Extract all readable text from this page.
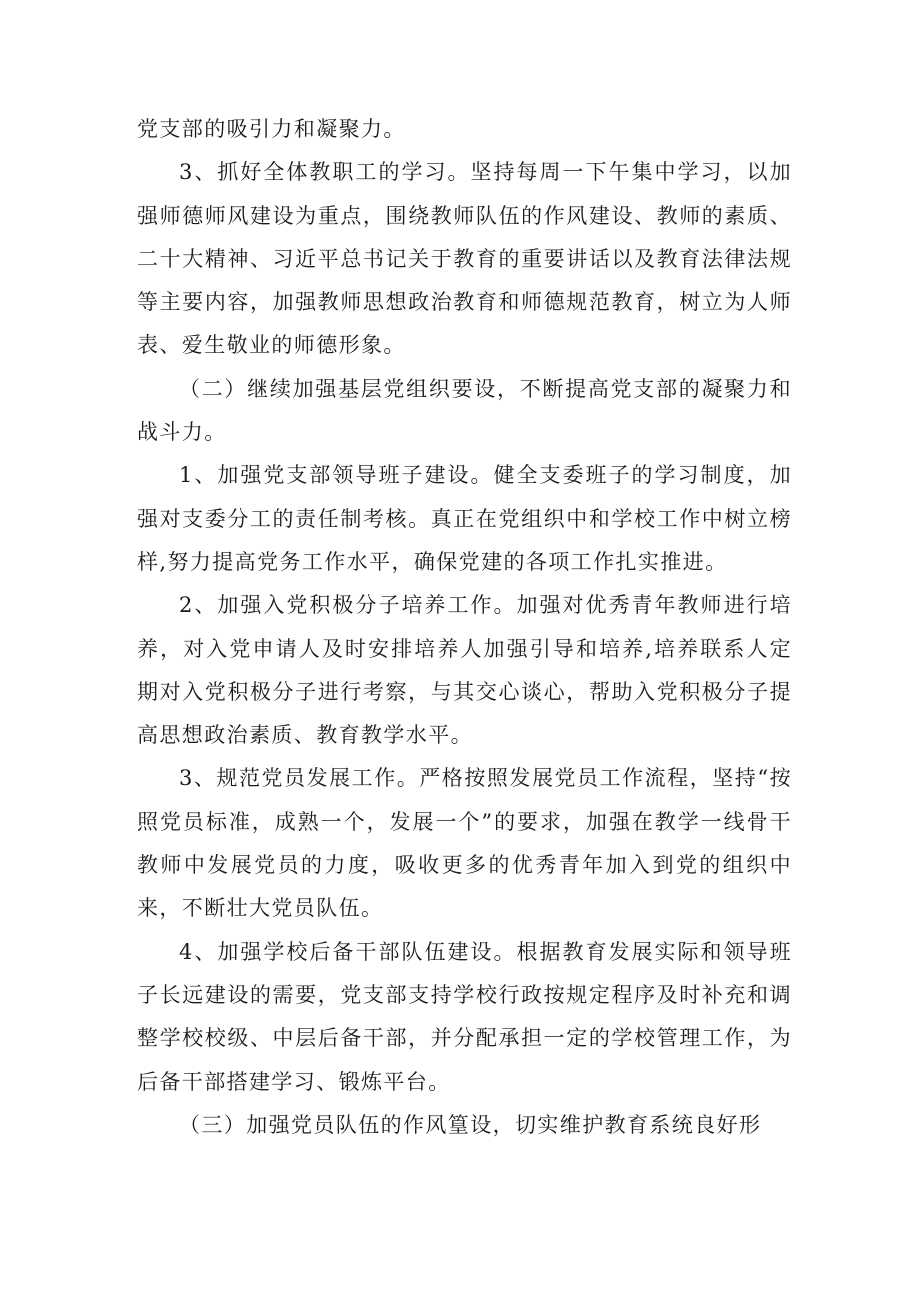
党支部的吸引力和凝聚力。

3、抓好全体教职工的学习。坚持每周一下午集中学习，以加强师德师风建设为重点，围绕教师队伍的作风建设、教师的素质、二十大精神、习近平总书记关于教育的重要讲话以及教育法律法规等主要内容，加强教师思想政治教育和师德规范教育，树立为人师表、爱生敬业的师德形象。

（二）继续加强基层党组织要设，不断提高党支部的凝聚力和战斗力。

1、加强党支部领导班子建设。健全支委班子的学习制度，加强对支委分工的责任制考核。真正在党组织中和学校工作中树立榜样,努力提高党务工作水平，确保党建的各项工作扎实推进。

2、加强入党积极分子培养工作。加强对优秀青年教师进行培养，对入党申请人及时安排培养人加强引导和培养,培养联系人定期对入党积极分子进行考察，与其交心谈心，帮助入党积极分子提高思想政治素质、教育教学水平。

3、规范党员发展工作。严格按照发展党员工作流程，坚持“按照党员标准，成熟一个，发展一个”的要求，加强在教学一线骨干教师中发展党员的力度，吸收更多的优秀青年加入到党的组织中来，不断壮大党员队伍。

4、加强学校后备干部队伍建设。根据教育发展实际和领导班子长远建设的需要，党支部支持学校行政按规定程序及时补充和调整学校校级、中层后备干部，并分配承担一定的学校管理工作，为后备干部搭建学习、锻炼平台。

（三）加强党员队伍的作风篁设，切实维护教育系统良好形
